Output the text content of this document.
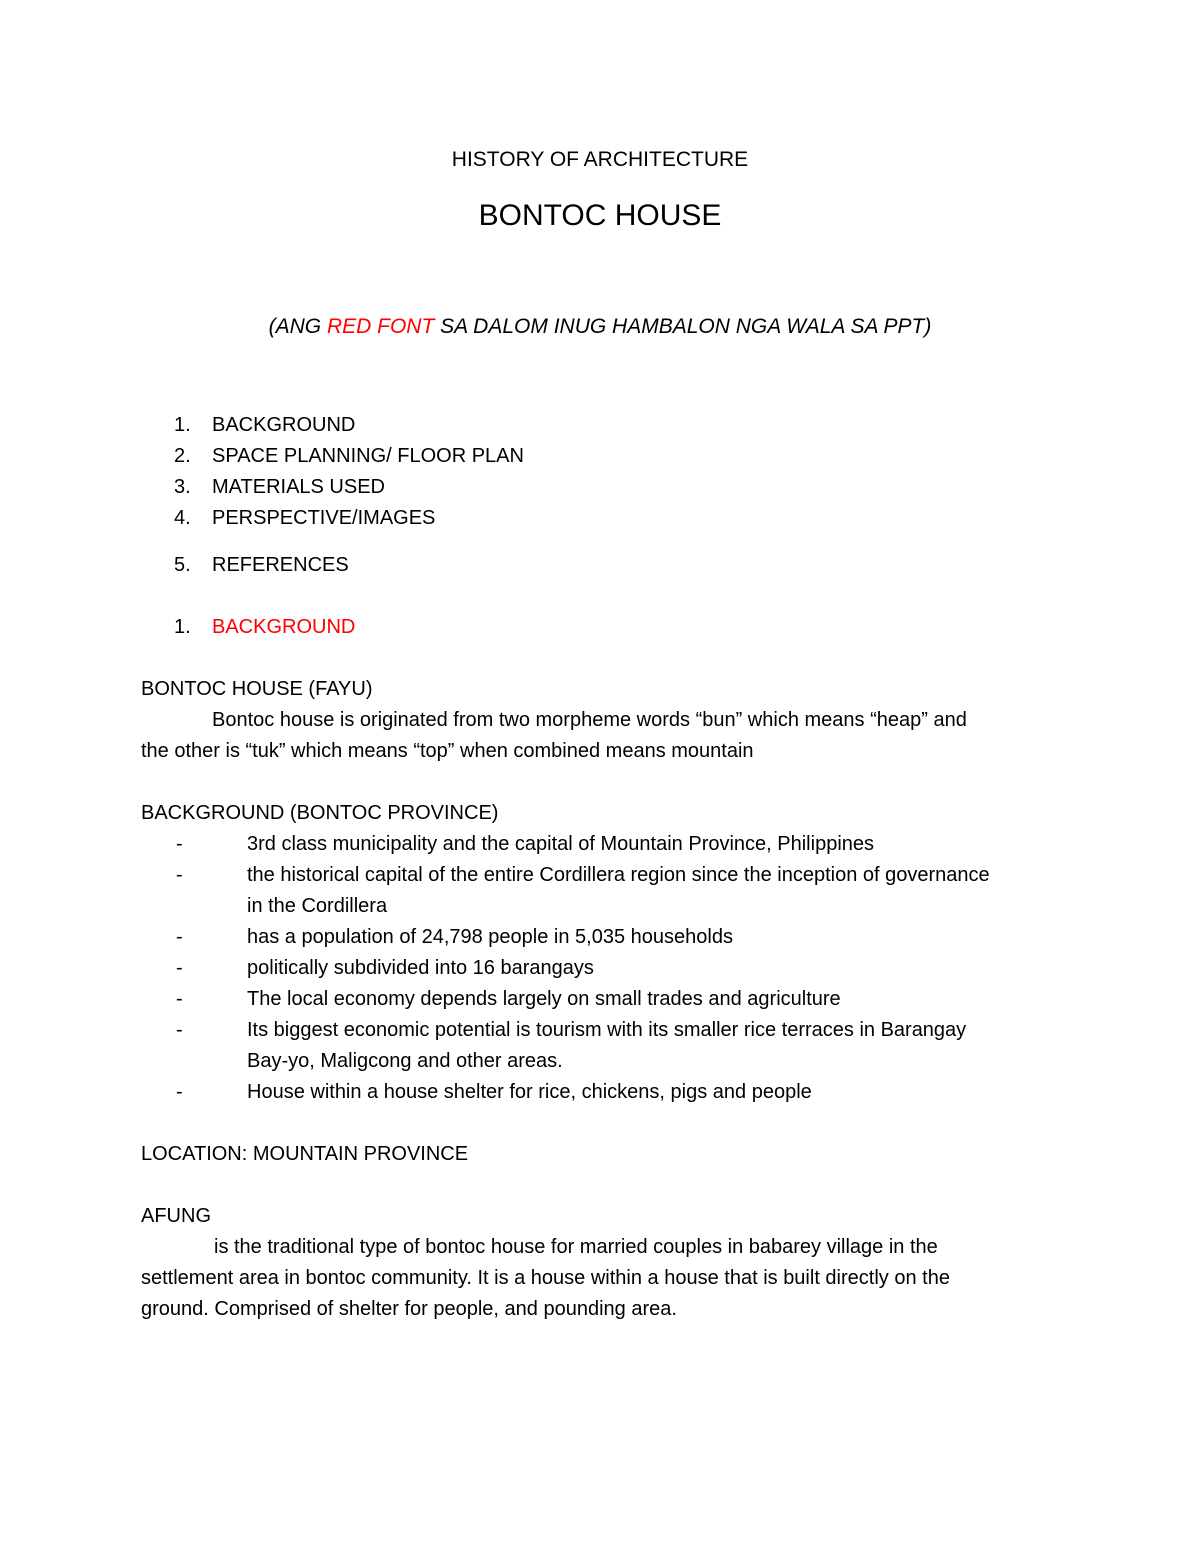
HISTORY OF ARCHITECTURE
BONTOC HOUSE
(ANG RED FONT SA DALOM INUG HAMBALON NGA WALA SA PPT)
1. BACKGROUND
2. SPACE PLANNING/ FLOOR PLAN
3. MATERIALS USED
4. PERSPECTIVE/IMAGES
5. REFERENCES
1. BACKGROUND
BONTOC HOUSE (FAYU)
Bontoc house is originated from two morpheme words “bun” which means “heap” and
the other is “tuk” which means “top” when combined means mountain
BACKGROUND (BONTOC PROVINCE)
-	3rd class municipality and the capital of Mountain Province, Philippines
-	the historical capital of the entire Cordillera region since the inception of governance
in the Cordillera
-	has a population of 24,798 people in 5,035 households
-	politically subdivided into 16 barangays
-	The local economy depends largely on small trades and agriculture
-	Its biggest economic potential is tourism with its smaller rice terraces in Barangay
Bay-yo, Maligcong and other areas.
-	House within a house shelter for rice, chickens, pigs and people
LOCATION: MOUNTAIN PROVINCE
AFUNG
is the traditional type of bontoc house for married couples in babarey village in the
settlement area in bontoc community. It is a house within a house that is built directly on the
ground. Comprised of shelter for people, and pounding area.
